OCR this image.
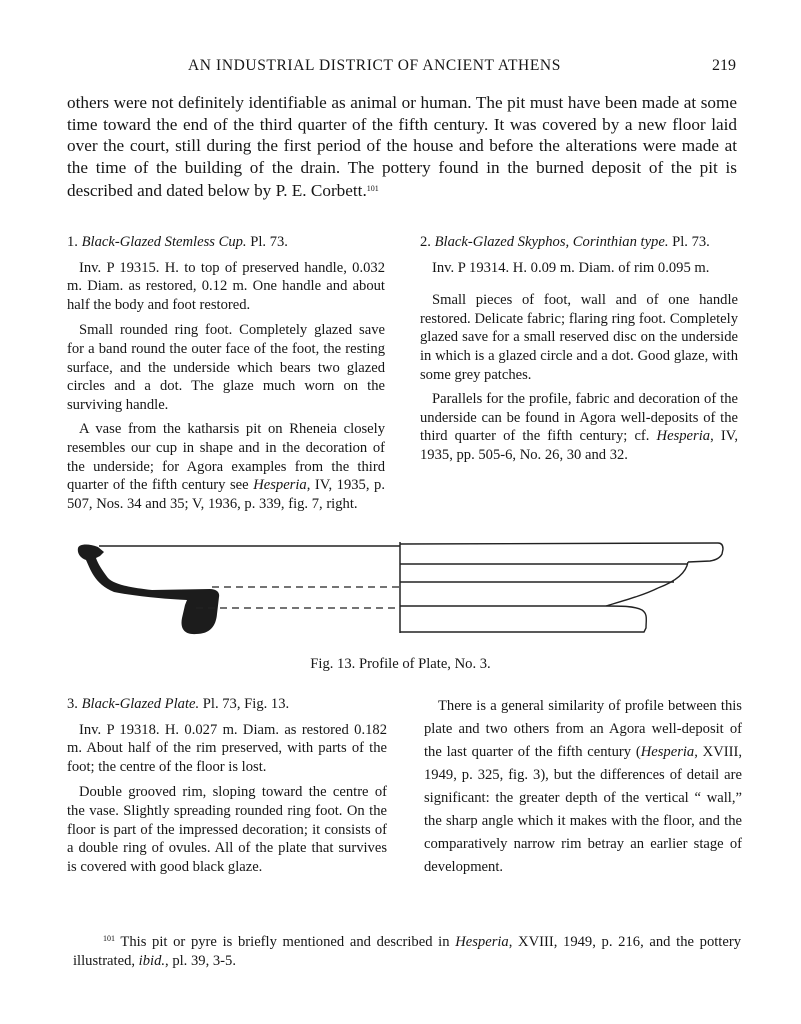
AN INDUSTRIAL DISTRICT OF ANCIENT ATHENS	219
others were not definitely identifiable as animal or human. The pit must have been made at some time toward the end of the third quarter of the fifth century. It was covered by a new floor laid over the court, still during the first period of the house and before the alterations were made at the time of the building of the drain. The pottery found in the burned deposit of the pit is described and dated below by P. E. Corbett.$^{101}$

1. Black-Glazed Stemless Cup. Pl. 73.

Inv. P 19315. H. to top of preserved handle, 0.032 m. Diam. as restored, 0.12 m. One handle and about half the body and foot restored.

Small rounded ring foot. Completely glazed save for a band round the outer face of the foot, the resting surface, and the underside which bears two glazed circles and a dot. The glaze much worn on the surviving handle.

A vase from the katharsis pit on Rheneia closely resembles our cup in shape and in the decoration of the underside; for Agora examples from the third quarter of the fifth century see Hesperia, IV, 1935, p. 507, Nos. 34 and 35; V, 1936, p. 339, fig. 7, right.

2. Black-Glazed Skyphos, Corinthian type. Pl. 73.

Inv. P 19314. H. 0.09 m. Diam. of rim 0.095 m.

Small pieces of foot, wall and of one handle restored. Delicate fabric; flaring ring foot. Completely glazed save for a small reserved disc on the underside in which is a glazed circle and a dot. Good glaze, with some grey patches.

Parallels for the profile, fabric and decoration of the underside can be found in Agora well-deposits of the third quarter of the fifth century; cf. Hesperia, IV, 1935, pp. 505-6, No. 26, 30 and 32.

Fig. 13. Profile of Plate, No. 3.

3. Black-Glazed Plate. Pl. 73, Fig. 13.

Inv. P 19318. H. 0.027 m. Diam. as restored 0.182 m. About half of the rim preserved, with parts of the foot; the centre of the floor is lost.

Double grooved rim, sloping toward the centre of the vase. Slightly spreading rounded ring foot. On the floor is part of the impressed decoration; it consists of a double ring of ovules. All of the plate that survives is covered with good black glaze.

There is a general similarity of profile between this plate and two others from an Agora well-deposit of the last quarter of the fifth century (Hesperia, XVIII, 1949, p. 325, fig. 3), but the differences of detail are significant: the greater depth of the vertical “ wall,” the sharp angle which it makes with the floor, and the comparatively narrow rim betray an earlier stage of development.

$^{101}$ This pit or pyre is briefly mentioned and described in Hesperia, XVIII, 1949, p. 216, and the pottery illustrated, ibid., pl. 39, 3-5.
